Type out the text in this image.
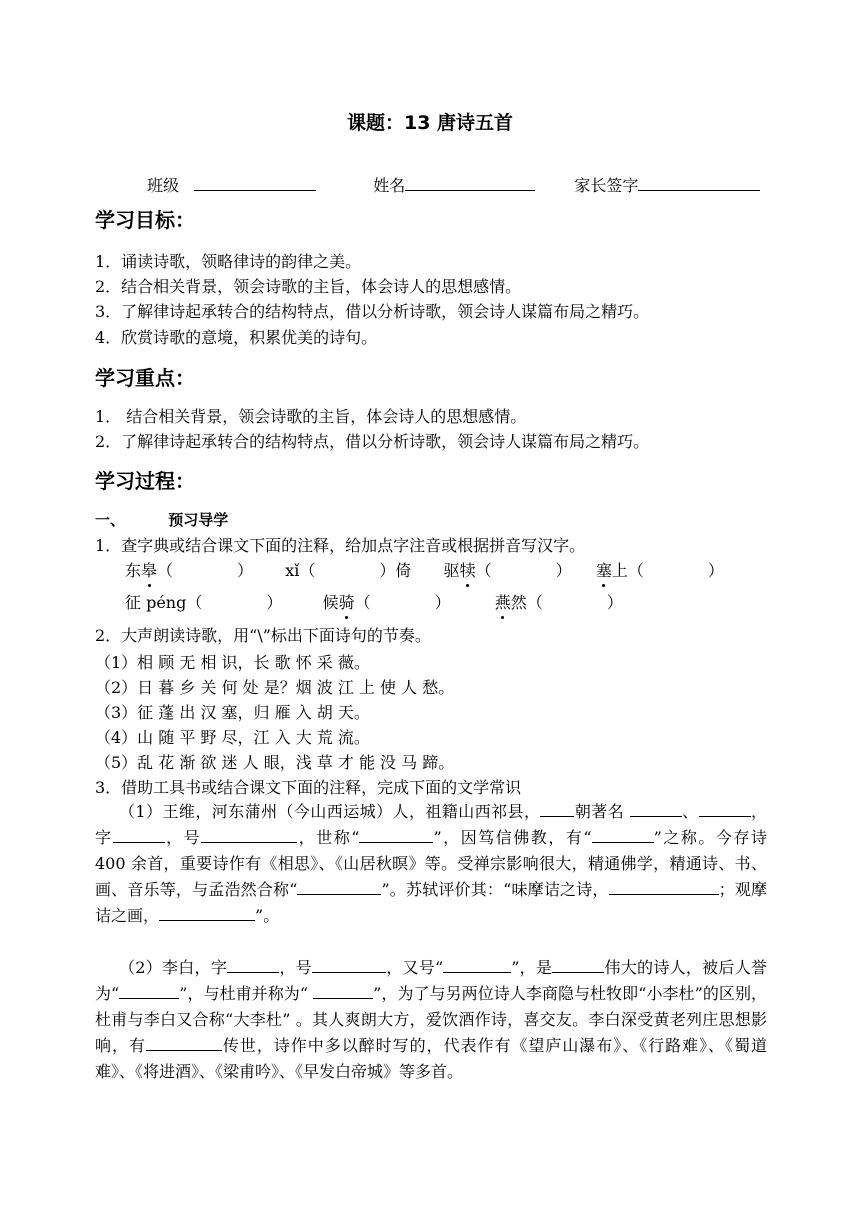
课题：13 唐诗五首
班级	姓名	家长签字
学习目标：
1．诵读诗歌，领略律诗的韵律之美。
2．结合相关背景，领会诗歌的主旨，体会诗人的思想感情。
3．了解律诗起承转合的结构特点，借以分析诗歌，领会诗人谋篇布局之精巧。
4．欣赏诗歌的意境，积累优美的诗句。
学习重点：
1． 结合相关背景，领会诗歌的主旨，体会诗人的思想感情。
2．了解律诗起承转合的结构特点，借以分析诗歌，领会诗人谋篇布局之精巧。
学习过程：
一、	预习导学
1．查字典或结合课文下面的注释，给加点字注音或根据拼音写汉字。
东皋（　　　　） xǐ（　　　　）倚 驱犊（　　　　） 塞上（　　　　）
征 péng（　　　　）	候骑（　　　　）	燕然（　　　　）
2．大声朗读诗歌，用“\”标出下面诗句的节奏。
（1）相 顾 无 相 识，长 歌 怀 采 薇。
（2）日 暮 乡 关 何 处 是？烟 波 江 上 使 人 愁。
（3）征 蓬 出 汉 塞，归 雁 入 胡 天。
（4）山 随 平 野 尽，江 入 大 荒 流。
（5）乱 花 渐 欲 迷 人 眼，浅 草 才 能 没 马 蹄。
3．借助工具书或结合课文下面的注释，完成下面的文学常识
（1）王维，河东蒲州（今山西运城）人，祖籍山西祁县， 朝著名	、	，字	，号	，世称“	”，因笃信佛教，有“	”之称。今存诗 400 余首，重要诗作有《相思》、《山居秋暝》等。受禅宗影响很大，精通佛学，精通诗、书、画、音乐等，与孟浩然合称“	”。苏轼评价其：“味摩诘之诗，	；观摩诘之画，	”。
（2）李白，字	，号	，又号“	”，是	伟大的诗人，被后人誉为“	”，与杜甫并称为“	”，为了与另两位诗人李商隐与杜牧即“小李杜”的区别，杜甫与李白又合称“大李杜” 。其人爽朗大方，爱饮酒作诗，喜交友。李白深受黄老列庄思想影响，有	传世，诗作中多以醉时写的，代表作有《望庐山瀑布》、《行路难》、《蜀道难》、《将进酒》、《梁甫吟》、《早发白帝城》等多首。
